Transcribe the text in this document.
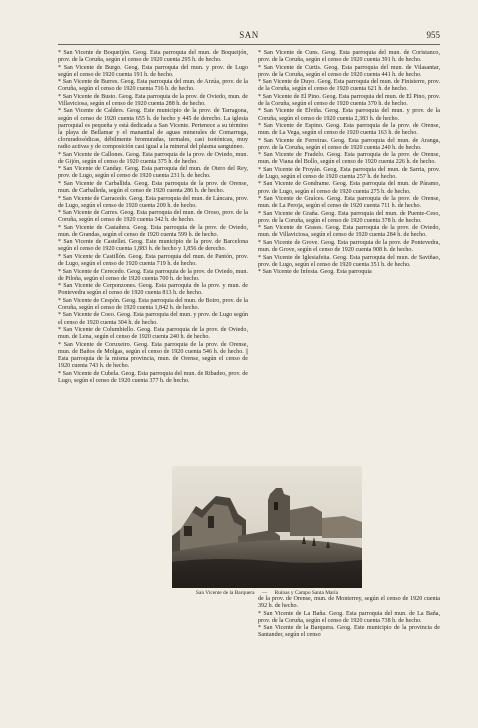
SAN	955

* San Vicente de Boqueijón. Geog. Esta parroquia del mun. de Boqueijón, prov. de la Coruña, según el censo de 1920 cuenta 295 h. de hecho.

* San Vicente de Burgo. Geog. Esta parroquia del mun. y prov. de Lugo según el censo de 1920 cuenta 191 h. de hecho.

* San Vicente de Burres. Geog. Esta parroquia del mun. de Arzúa, prov. de la Coruña, según el censo de 1920 cuenta 716 h. de hecho.

* San Vicente de Busto. Geog. Esta parroquia de la prov. de Oviedo, mun. de Villaviciosa, según el censo de 1920 cuenta 288 h. de hecho.

* San Vicente de Calders. Geog. Este municipio de la prov. de Tarragona, según el censo de 1920 cuenta 655 h. de hecho y 445 de derecho. La iglesia parroquial es pequeña y está dedicada a San Vicente. Pertenece a su término la playa de Bellamar y el manantial de aguas minerales de Comarruga, cloruradosódicas, débilmente bromuradas, termales, casi isotónicas, muy radio activas y de composición casi igual a la mineral del plasma sanguíneo.

* San Vicente de Callones. Geog. Esta parroquia de la prov. de Oviedo, mun. de Gijón, según el censo de 1920 cuenta 375 h. de hecho.

* San Vicente de Canday. Geog. Esta parroquia del mun. de Otero del Rey, prov. de Lugo, según el censo de 1920 cuenta 231 h. de hecho.

* San Vicente de Carballida. Geog. Esta parroquia de la prov. de Orense, mun. de Carballeda, según el censo de 1920 cuenta 286 h. de hecho.

* San Vicente de Carracedo. Geog. Esta parroquia del mun. de Láncara, prov. de Lugo, según el censo de 1920 cuenta 209 h. de hecho.

* San Vicente de Carres. Geog. Esta parroquia del mun. de Oroso, prov. de la Coruña, según el censo de 1920 cuenta 342 h. de hecho.

* San Vicente de Castañera. Geog. Esta parroquia de la prov. de Oviedo, mun. de Grandas, según el censo de 1920 cuenta 599 h. de hecho.

* San Vicente de Castellet. Geog. Este municipio de la prov. de Barcelona según el censo de 1920 cuenta 1,883 h. de hecho y 1,856 de derecho.

* San Vicente de Castillón. Geog. Esta parroquia del mun. de Pantón, prov. de Lugo, según el censo de 1920 cuenta 719 h. de hecho.

* San Vicente de Cerecedo. Geog. Esta parroquia de la prov. de Oviedo, mun. de Piloña, según el censo de 1920 cuenta 700 h. de hecho.

* San Vicente de Cerponzones. Geog. Esta parroquia de la prov. y mun. de Pontevedra según el censo de 1920 cuenta 813 h. de hecho.

* San Vicente de Cespón. Geog. Esta parroquia del mun. de Boiro, prov. de la Coruña, según el censo de 1920 cuenta 1,842 h. de hecho.

* San Vicente de Coeo. Geog. Esta parroquia del mun. y prov. de Lugo según el censo de 1920 cuenta 304 h. de hecho.

* San Vicente de Columbiello. Geog. Esta parroquia de la prov. de Oviedo, mun. de Lena, según el censo de 1920 cuenta 240 h. de hecho.

* San Vicente de Coruxeiro. Geog. Esta parroquia de la prov. de Orense, mun. de Baños de Molgas, según el censo de 1920 cuenta 546 h. de hecho. || Esta parroquia de la misma provincia, mun. de Orense, según el censo de 1920 cuenta 743 h. de hecho.

* San Vicente de Cubela. Geog. Esta parroquia del mun. de Ribadeo, prov. de Lugo, según el censo de 1920 cuenta 377 h. de hecho.

* San Vicente de Cuns. Geog. Esta parroquia del mun. de Coristanco, prov. de la Coruña, según el censo de 1920 cuenta 391 h. de hecho.

* San Vicente de Curtis. Geog. Esta parroquia del mun. de Vilasantar, prov. de la Coruña, según el censo de 1920 cuenta 441 h. de hecho.

* San Vicente de Duyo. Geog. Esta parroquia del mun. de Finisterre, prov. de la Coruña, según el censo de 1920 cuenta 621 h. de hecho.

* San Vicente de El Pino. Geog. Esta parroquia del mun. de El Pino, prov. de la Coruña, según el censo de 1920 cuenta 370 h. de hecho.

* San Vicente de Elviña. Geog. Esta parroquia del mun. y prov. de la Coruña, según el censo de 1920 cuenta 2,383 h. de hecho.

* San Vicente de Espino. Geog. Esta parroquia de la prov. de Orense, mun. de La Vega, según el censo de 1920 cuenta 163 h. de hecho.

* San Vicente de Ferreiras. Geog. Esta parroquia del mun. de Aranga, prov. de la Coruña, según el censo de 1920 cuenta 240 h. de hecho.

* San Vicente de Fradelo. Geog. Esta parroquia de la prov. de Orense, mun. de Viana del Bollo, según el censo de 1920 cuenta 226 h. de hecho.

* San Vicente de Froyán. Geog. Esta parroquia del mun. de Sarria, prov. de Lugo, según el censo de 1920 cuenta 257 h. de hecho.

* San Vicente de Gondrame. Geog. Esta parroquia del mun. de Páramo, prov. de Lugo, según el censo de 1920 cuenta 275 h. de hecho.

* San Vicente de Graíces. Geog. Esta parroquia de la prov. de Orense, mun. de La Peroja, según el censo de 1920 cuenta 711 h. de hecho.

* San Vicente de Graña. Geog. Esta parroquia del mun. de Puente-Ceso, prov. de la Coruña, según el censo de 1920 cuenta 378 h. de hecho.

* San Vicente de Grases. Geog. Esta parroquia de la prov. de Oviedo, mun. de Villaviciosa, según el censo de 1920 cuenta 284 h. de hecho.

* San Vicente de Grove. Geog. Esta parroquia de la prov. de Pontevedra, mun. de Grove, según el censo de 1920 cuenta 908 h. de hecho.

* San Vicente de Iglesiafeita. Geog. Esta parroquia del mun. de Saviñao, prov. de Lugo, según el censo de 1920 cuenta 351 h. de hecho.

* San Vicente de Infesta. Geog. Esta parroquia

San Vicente de la Barquera — Ruinas y Campo Santa María

de la prov. de Orense, mun. de Monterrey, según el censo de 1920 cuenta 392 h. de hecho.

* San Vicente de La Baña. Geog. Esta parroquia del mun. de La Baña, prov. de la Coruña, según el censo de 1920 cuenta 738 h. de hecho.

* San Vicente de la Barquera. Geog. Este municipio de la provincia de Santander, según el censo
